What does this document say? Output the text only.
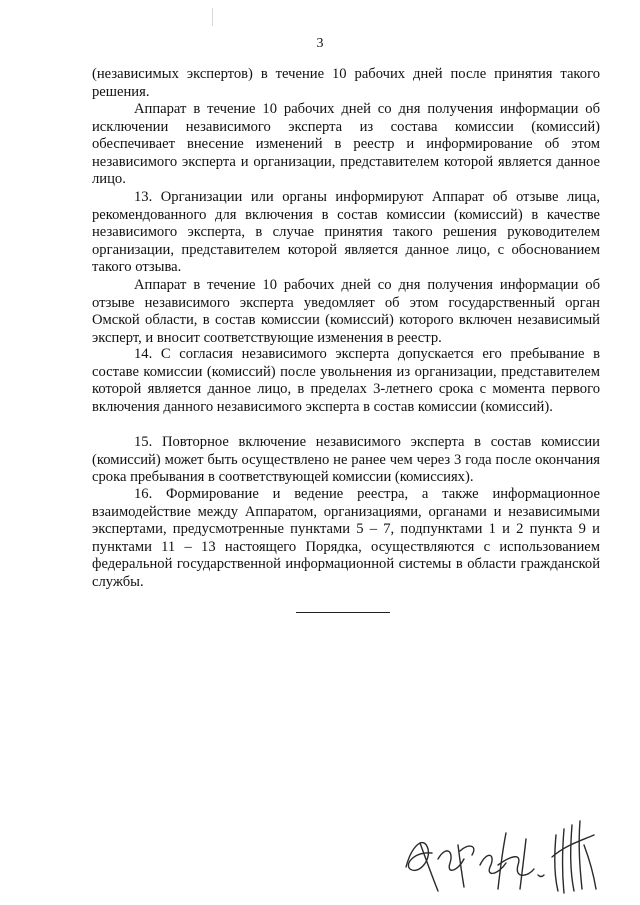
3

(независимых экспертов) в течение 10 рабочих дней после принятия такого решения.

Аппарат в течение 10 рабочих дней со дня получения информации об исключении независимого эксперта из состава комиссии (комиссий) обеспечивает внесение изменений в реестр и информирование об этом независимого эксперта и организации, представителем которой является данное лицо.

13. Организации или органы информируют Аппарат об отзыве лица, рекомендованного для включения в состав комиссии (комиссий) в качестве независимого эксперта, в случае принятия такого решения руководителем организации, представителем которой является данное лицо, с обоснованием такого отзыва.

Аппарат в течение 10 рабочих дней со дня получения информации об отзыве независимого эксперта уведомляет об этом государственный орган Омской области, в состав комиссии (комиссий) которого включен независимый эксперт, и вносит соответствующие изменения в реестр.

14. С согласия независимого эксперта допускается его пребывание в составе комиссии (комиссий) после увольнения из организации, представителем которой является данное лицо, в пределах 3-летнего срока с момента первого включения данного независимого эксперта в состав комиссии (комиссий).

15. Повторное включение независимого эксперта в состав комиссии (комиссий) может быть осуществлено не ранее чем через 3 года после окончания срока пребывания в соответствующей комиссии (комиссиях).

16. Формирование и ведение реестра, а также информационное взаимодействие между Аппаратом, организациями, органами и независимыми экспертами, предусмотренные пунктами 5 – 7, подпунктами 1 и 2 пункта 9 и пунктами 11 – 13 настоящего Порядка, осуществляются с использованием федеральной государственной информационной системы в области гражданской службы.
